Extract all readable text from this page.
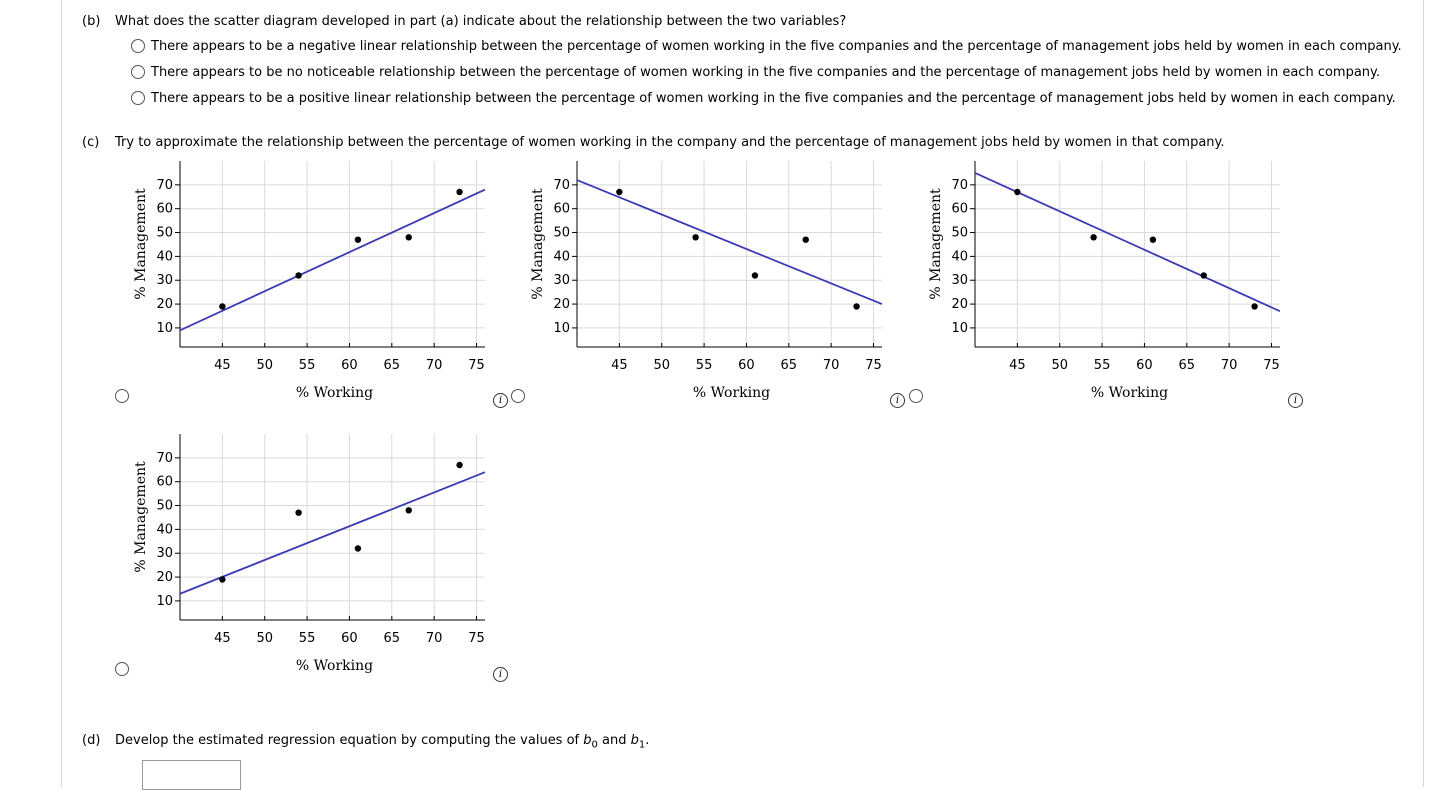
(b) What does the scatter diagram developed in part (a) indicate about the relationship between the two variables?
There appears to be a negative linear relationship between the percentage of women working in the five companies and the percentage of management jobs held by women in each company.
There appears to be no noticeable relationship between the percentage of women working in the five companies and the percentage of management jobs held by women in each company.
There appears to be a positive linear relationship between the percentage of women working in the five companies and the percentage of management jobs held by women in each company.
(c) Try to approximate the relationship between the percentage of women working in the company and the percentage of management jobs held by women in that company.
10
20
30
40
50
60
70
45 50 55 60 65 70 75
% Working
% Management
10
20
30
40
50
60
70
45 50 55 60 65 70 75
% Working
% Management
10
20
30
40
50
60
70
45 50 55 60 65 70 75
% Working
% Management
10
20
30
40
50
60
70
45 50 55 60 65 70 75
% Working
% Management
i	i	i
i
(d) Develop the estimated regression equation by computing the values of $b_0$ and $b_1$.
